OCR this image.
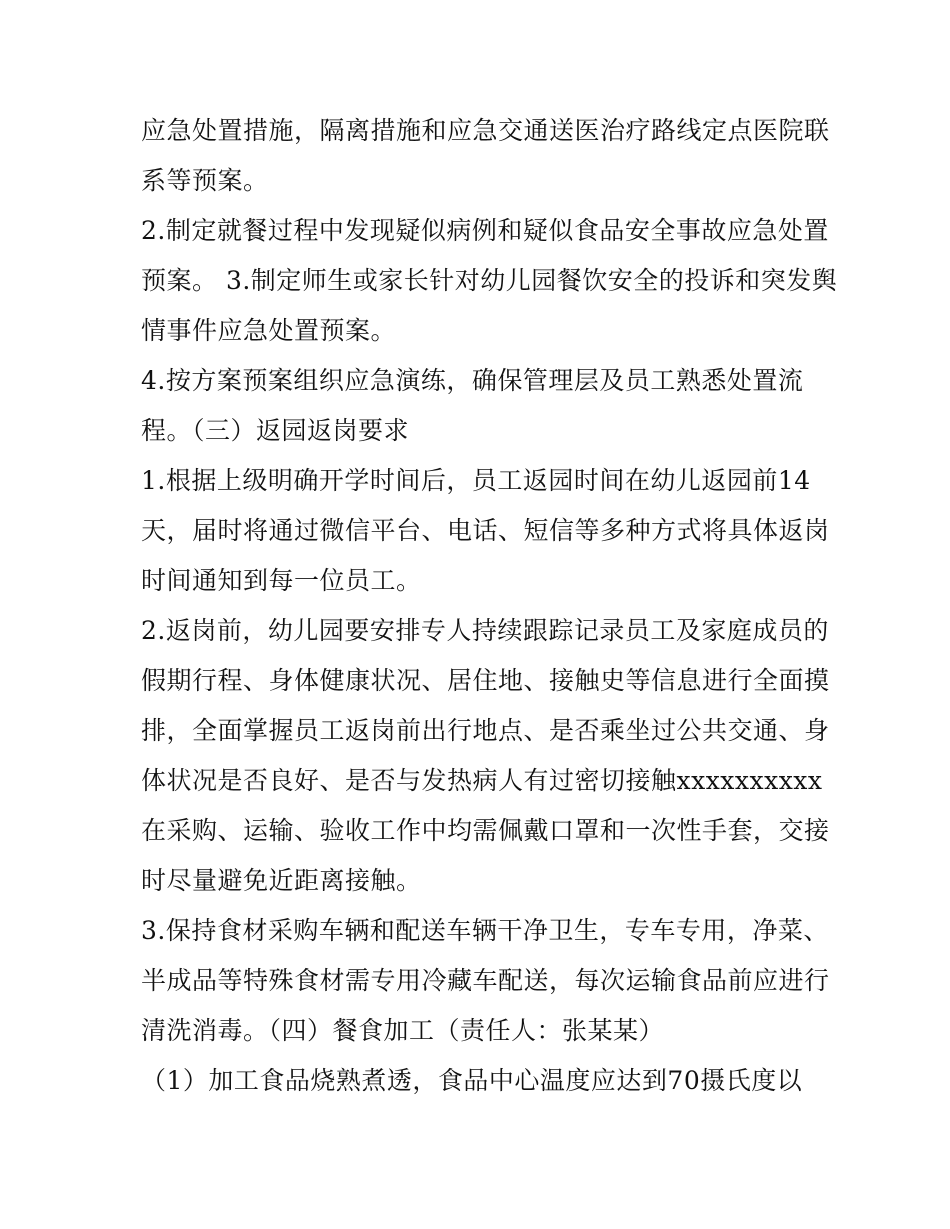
应急处置措施，隔离措施和应急交通送医治疗路线定点医院联
系等预案。
2.制定就餐过程中发现疑似病例和疑似食品安全事故应急处置
预案。 3.制定师生或家长针对幼儿园餐饮安全的投诉和突发舆
情事件应急处置预案。
4.按方案预案组织应急演练，确保管理层及员工熟悉处置流
程。（三）返园返岗要求
1.根据上级明确开学时间后，员工返园时间在幼儿返园前14
天，届时将通过微信平台、电话、短信等多种方式将具体返岗
时间通知到每一位员工。
2.返岗前，幼儿园要安排专人持续跟踪记录员工及家庭成员的
假期行程、身体健康状况、居住地、接触史等信息进行全面摸
排，全面掌握员工返岗前出行地点、是否乘坐过公共交通、身
体状况是否良好、是否与发热病人有过密切接触xxxxxxxxxx
在采购、运输、验收工作中均需佩戴口罩和一次性手套，交接
时尽量避免近距离接触。
3.保持食材采购车辆和配送车辆干净卫生，专车专用，净菜、
半成品等特殊食材需专用冷藏车配送，每次运输食品前应进行
清洗消毒。（四）餐食加工（责任人：张某某）
（1）加工食品烧熟煮透，食品中心温度应达到70摄氏度以
